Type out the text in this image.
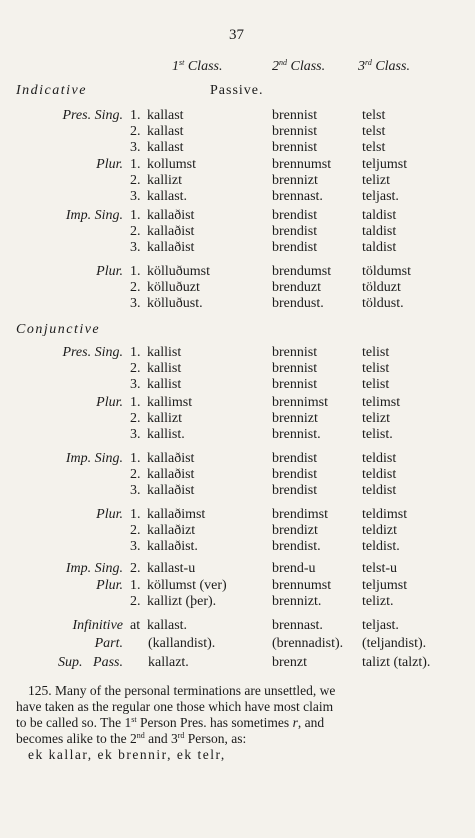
37
1st Class.	2nd Class. 3rd Class.
Indicative	Passive.
Conjunctive
Pres. Sing. 1. kallast	brennist	telst
2. kallast	brennist	telst
3. kallast	brennist	telst
Plur. 1. kollumst	brennumst teljumst
2. kallizt	brennizt	telizt
3. kallast.	brennast.	teljast.
Imp. Sing. 1. kallaðist	brendist	taldist
2. kallaðist	brendist	taldist
3. kallaðist	brendist	taldist
Plur. 1. kölluðumst	brendumst töldumst
2. kölluðuzt	brenduzt	tölduzt
3. kölluðust.	brendust.	töldust.
Pres. Sing. 1. kallist	brennist	telist
2. kallist	brennist	telist
3. kallist	brennist	telist
Plur. 1. kallimst	brennimst telimst
2. kallizt	brennizt	telizt
3. kallist.	brennist.	telist.
Imp. Sing. 1. kallaðist	brendist	teldist
2. kallaðist	brendist	teldist
3. kallaðist	brendist	teldist
Plur. 1. kallaðimst	brendimst teldimst
2. kallaðizt	brendizt	teldizt
3. kallaðist.	brendist.	teldist.
Imp. Sing. 2. kallast-u	brend-u	telst-u
Plur. 1. köllumst (ver)	brennumst teljumst
2. kallizt (þer).	brennizt.	telizt.
Infinitive at kallast.	brennast.	teljast.
Part. (kallandist).	(brennadist). (teljandist).
Sup.   Pass. kallazt.	brenzt	talizt (talzt).
125. Many of the personal terminations are unsettled, we
have taken as the regular one those which have most claim
to be called so. The 1st Person Pres. has sometimes r, and
becomes alike to the 2nd and 3rd Person, as:
ek kallar, ek brennir, ek telr,
